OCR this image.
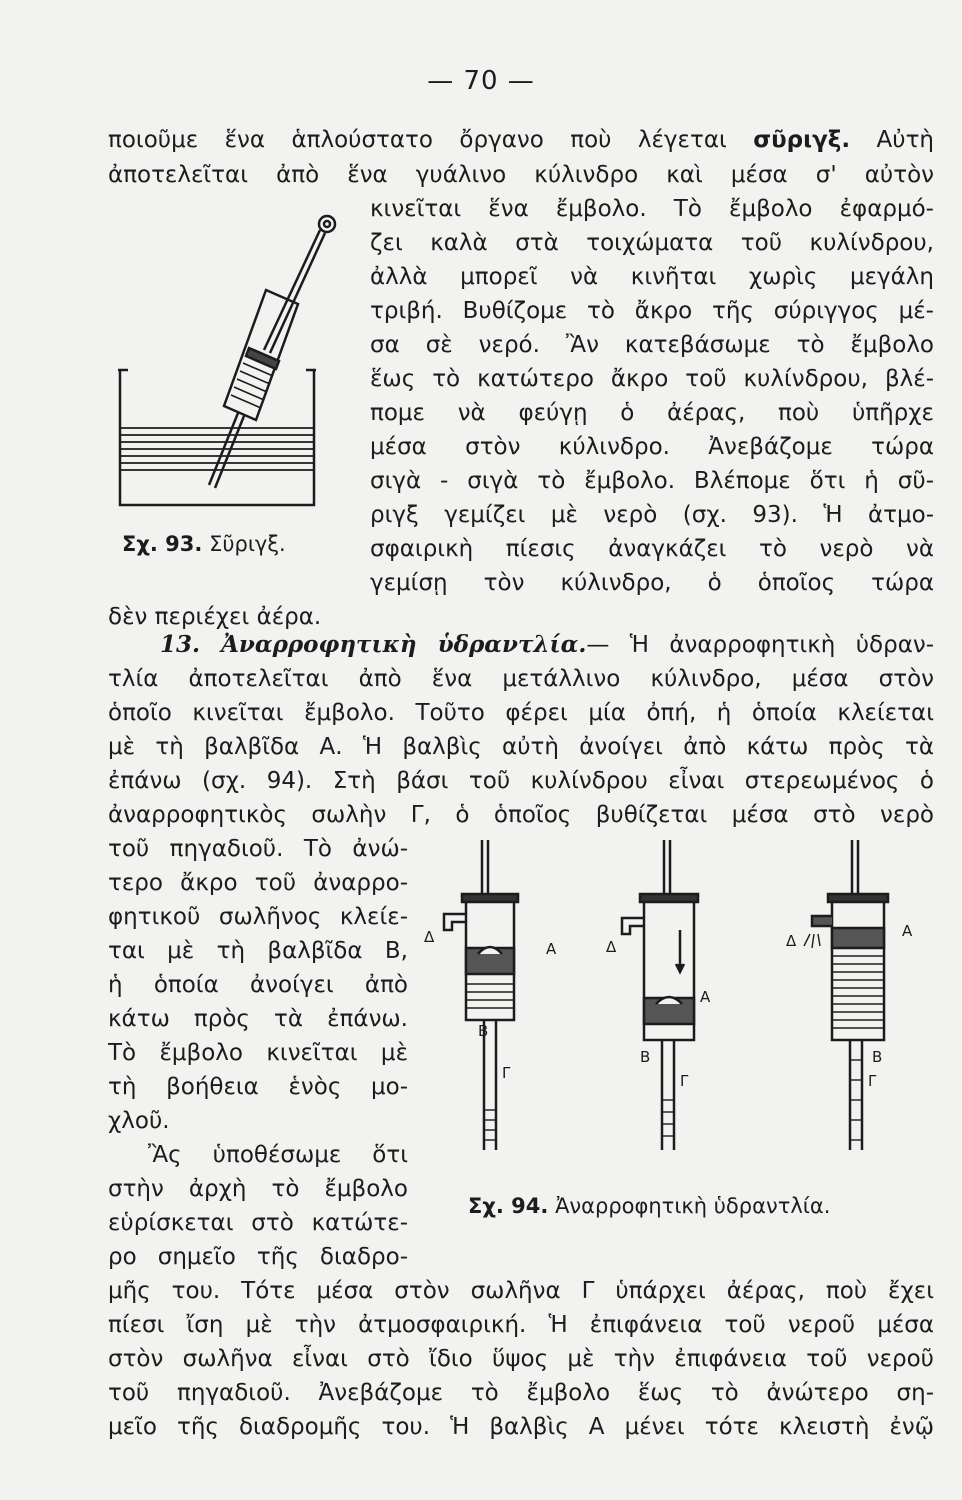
— 70 —
ποιοῦμε ἕνα ἁπλούστατο ὄργανο ποὺ λέγεται σῦριγξ. Αὐτὴ
ἀποτελεῖται ἀπὸ ἕνα γυάλινο κύλινδρο καὶ μέσα σ' αὐτὸν
κινεῖται ἕνα ἔμβολο. Τὸ ἔμβολο ἐφαρμό-
ζει καλὰ στὰ τοιχώματα τοῦ κυλίνδρου,
ἀλλὰ μπορεῖ νὰ κινῆται χωρὶς μεγάλη
τριβή. Βυθίζομε τὸ ἄκρο τῆς σύριγγος μέ-
σα σὲ νερό. Ἂν κατεβάσωμε τὸ ἔμβολο
ἕως τὸ κατώτερο ἄκρο τοῦ κυλίνδρου, βλέ-
πομε νὰ φεύγῃ ὁ ἀέρας, ποὺ ὑπῆρχε
μέσα στὸν κύλινδρο. Ἀνεβάζομε τώρα
σιγὰ - σιγὰ τὸ ἔμβολο. Βλέπομε ὅτι ἡ σῦ-
ριγξ γεμίζει μὲ νερὸ (σχ. 93). Ἡ ἀτμο-
σφαιρικὴ πίεσις ἀναγκάζει τὸ νερὸ νὰ
γεμίσῃ τὸν κύλινδρο, ὁ ὁποῖος τώρα
δὲν περιέχει ἀέρα.
Σχ. 93. Σῦριγξ.
13. Ἀναρροφητικὴ ὑδραντλία.— Ἡ ἀναρροφητικὴ ὑδραν-
τλία ἀποτελεῖται ἀπὸ ἕνα μετάλλινο κύλινδρο, μέσα στὸν
ὁποῖο κινεῖται ἔμβολο. Τοῦτο φέρει μία ὀπή, ἡ ὁποία κλείεται
μὲ τὴ βαλβῖδα Α. Ἡ βαλβὶς αὐτὴ ἀνοίγει ἀπὸ κάτω πρὸς τὰ
ἐπάνω (σχ. 94). Στὴ βάσι τοῦ κυλίνδρου εἶναι στερεωμένος ὁ
ἀναρροφητικὸς σωλὴν Γ, ὁ ὁποῖος βυθίζεται μέσα στὸ νερὸ
τοῦ πηγαδιοῦ. Τὸ ἀνώ-
τερο ἄκρο τοῦ ἀναρρο-
φητικοῦ σωλῆνος κλείε-
ται μὲ τὴ βαλβῖδα Β,
ἡ ὁποία ἀνοίγει ἀπὸ
κάτω πρὸς τὰ ἐπάνω.
Τὸ ἔμβολο κινεῖται μὲ
τὴ βοήθεια ἑνὸς μο-
χλοῦ.
Ἂς ὑποθέσωμε ὅτι
στὴν ἀρχὴ τὸ ἔμβολο
εὑρίσκεται στὸ κατώτε-
ρο σημεῖο τῆς διαδρο-
μῆς του. Τότε μέσα στὸν σωλῆνα Γ ὑπάρχει ἀέρας, ποὺ ἔχει
πίεσι ἴση μὲ τὴν ἀτμοσφαιρική. Ἡ ἐπιφάνεια τοῦ νεροῦ μέσα
στὸν σωλῆνα εἶναι στὸ ἴδιο ὕψος μὲ τὴν ἐπιφάνεια τοῦ νεροῦ
τοῦ πηγαδιοῦ. Ἀνεβάζομε τὸ ἔμβολο ἕως τὸ ἀνώτερο ση-
μεῖο τῆς διαδρομῆς του. Ἡ βαλβὶς Α μένει τότε κλειστὴ ἐνῷ
Δ
Α
Β
Γ
Δ
Α
Β
Γ
Δ
Α
Β
Γ
Σχ. 94. Ἀναρροφητικὴ ὑδραντλία.
